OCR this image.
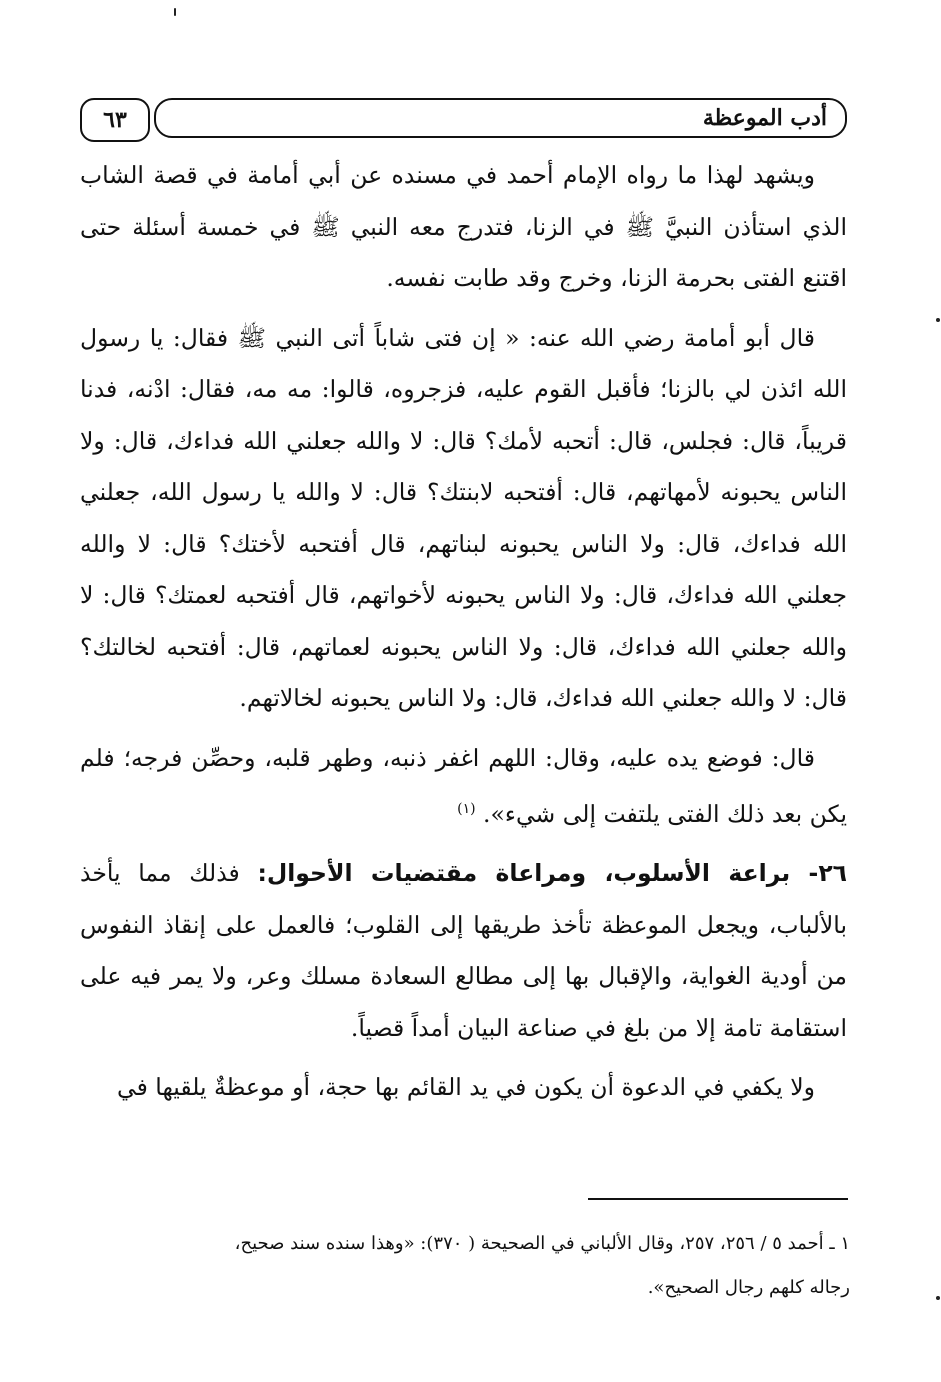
٦٣	أدب الموعظة

ويشهد لهذا ما رواه الإمام أحمد في مسنده عن أبي أمامة في قصة الشاب الذي استأذن النبيَّ ﷺ في الزنا، فتدرج معه النبي ﷺ في خمسة أسئلة حتى اقتنع الفتى بحرمة الزنا، وخرج وقد طابت نفسه.

قال أبو أمامة رضي الله عنه: « إن فتى شاباً أتى النبي ﷺ فقال: يا رسول الله ائذن لي بالزنا؛ فأقبل القوم عليه، فزجروه، قالوا: مه مه، فقال: ادْنه، فدنا قريباً، قال: فجلس، قال: أتحبه لأمك؟ قال: لا والله جعلني الله فداءك، قال: ولا الناس يحبونه لأمهاتهم، قال: أفتحبه لابنتك؟ قال: لا والله يا رسول الله، جعلني الله فداءك، قال: ولا الناس يحبونه لبناتهم، قال أفتحبه لأختك؟ قال: لا والله جعلني الله فداءك، قال: ولا الناس يحبونه لأخواتهم، قال أفتحبه لعمتك؟ قال: لا والله جعلني الله فداءك، قال: ولا الناس يحبونه لعماتهم، قال: أفتحبه لخالتك؟ قال: لا والله جعلني الله فداءك، قال: ولا الناس يحبونه لخالاتهم.

قال: فوضع يده عليه، وقال: اللهم اغفر ذنبه، وطهر قلبه، وحصِّن فرجه؛ فلم يكن بعد ذلك الفتى يلتفت إلى شيء». $^{(١)}$

٢٦- براعة الأسلوب، ومراعاة مقتضيات الأحوال: فذلك مما يأخذ بالألباب، ويجعل الموعظة تأخذ طريقها إلى القلوب؛ فالعمل على إنقاذ النفوس من أودية الغواية، والإقبال بها إلى مطالع السعادة مسلك وعر، ولا يمر فيه على استقامة تامة إلا من بلغ في صناعة البيان أمداً قصياً.

ولا يكفي في الدعوة أن يكون في يد القائم بها حجة، أو موعظةٌ يلقيها في

١ ـ أحمد ٥ / ٢٥٦، ٢٥٧، وقال الألباني في الصحيحة ( ٣٧٠): «وهذا سنده سند صحيح،

رجاله كلهم رجال الصحيح».
